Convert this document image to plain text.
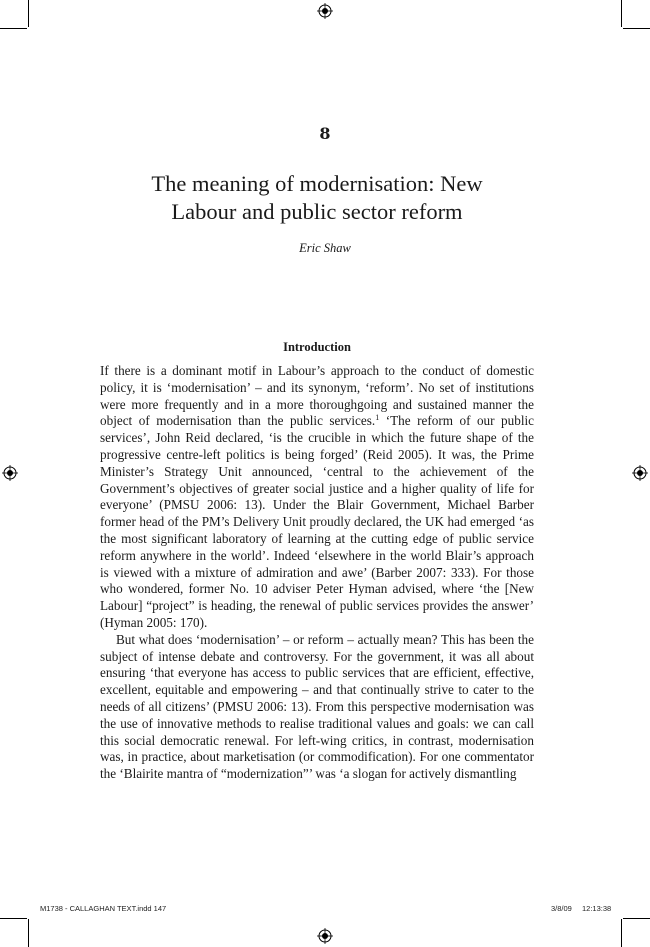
8
The meaning of modernisation: New
Labour and public sector reform
Eric Shaw
Introduction

If there is a dominant motif in Labour’s approach to the conduct of domestic policy, it is ‘modernisation’ – and its synonym, ‘reform’. No set of institutions were more frequently and in a more thoroughgoing and sustained manner the object of modernisation than the public services.$^1$ ‘The reform of our public services’, John Reid declared, ‘is the crucible in which the future shape of the progressive centre-left politics is being forged’ (Reid 2005). It was, the Prime Minister’s Strategy Unit announced, ‘central to the achievement of the Government’s objectives of greater social justice and a higher quality of life for everyone’ (PMSU 2006: 13). Under the Blair Government, Michael Barber former head of the PM’s Delivery Unit proudly declared, the UK had emerged ‘as the most significant laboratory of learning at the cutting edge of public service reform anywhere in the world’. Indeed ‘elsewhere in the world Blair’s approach is viewed with a mixture of admiration and awe’ (Barber 2007: 333). For those who wondered, former No. 10 adviser Peter Hyman advised, where ‘the [New Labour] “project” is heading, the renewal of public services provides the answer’ (Hyman 2005: 170).

But what does ‘modernisation’ – or reform – actually mean? This has been the subject of intense debate and controversy. For the government, it was all about ensuring ‘that everyone has access to public services that are efficient, effective, excellent, equitable and empowering – and that continually strive to cater to the needs of all citizens’ (PMSU 2006: 13). From this perspective modernisation was the use of innovative methods to realise traditional values and goals: we can call this social democratic renewal. For left-wing critics, in contrast, modernisation was, in practice, about marketisation (or commodification). For one commentator the ‘Blairite mantra of “modernization”’ was ‘a slogan for actively dismantling

M1738 - CALLAGHAN TEXT.indd 147	3/8/09 12:13:38
